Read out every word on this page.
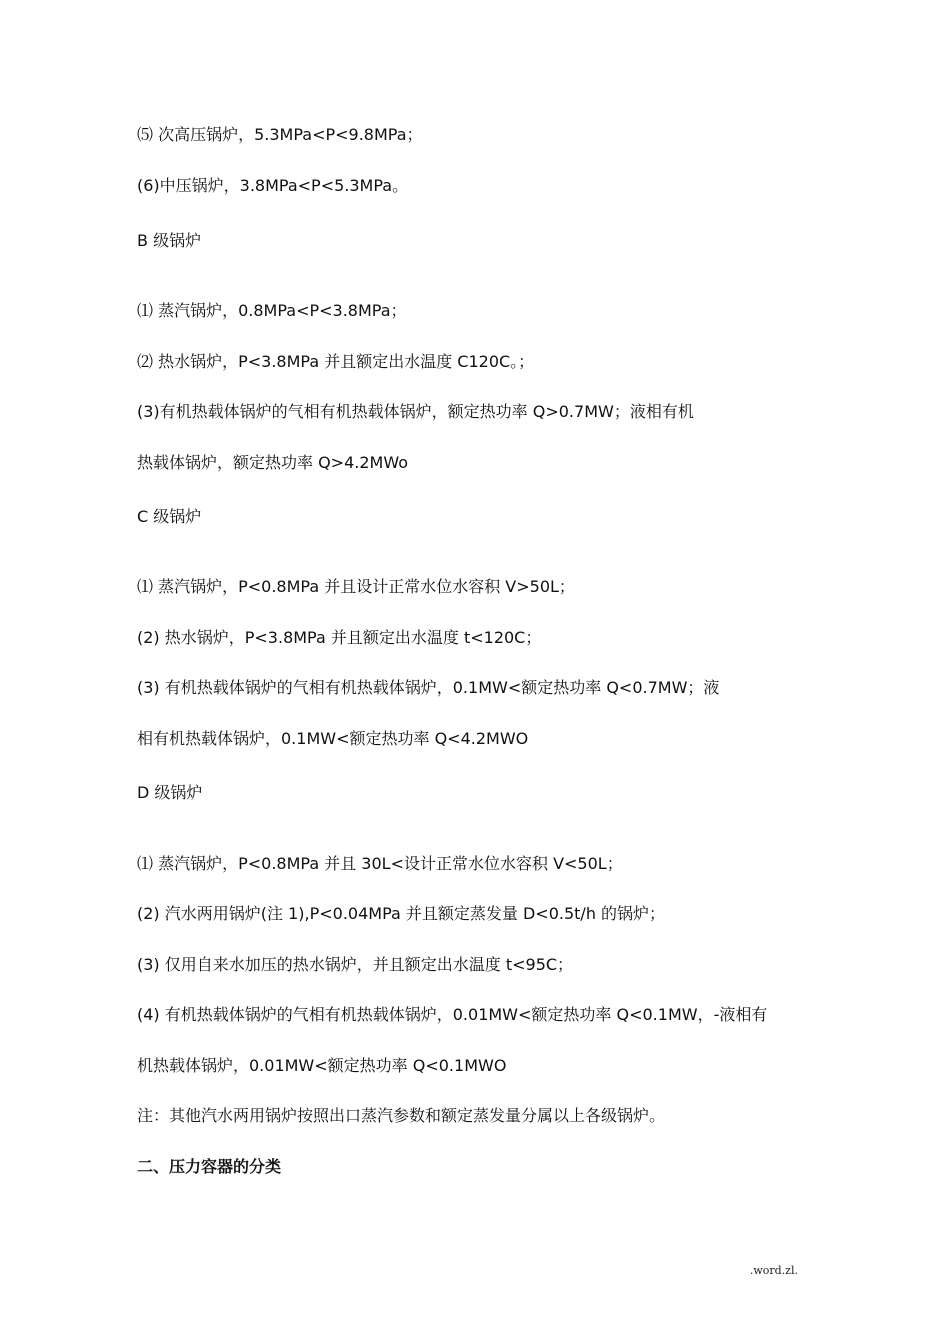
⑸ 次高压锅炉，5.3MPa<P<9.8MPa；
(6)中压锅炉，3.8MPa<P<5.3MPa。
B 级锅炉
⑴ 蒸汽锅炉，0.8MPa<P<3.8MPa；
⑵ 热水锅炉，P<3.8MPa 并且额定出水温度 C120C。；
(3)有机热载体锅炉的气相有机热载体锅炉，额定热功率 Q>0.7MW；液相有机
热载体锅炉，额定热功率 Q>4.2MWo
C 级锅炉
⑴ 蒸汽锅炉，P<0.8MPa 并且设计正常水位水容积 V>50L；
(2) 热水锅炉，P<3.8MPa 并且额定出水温度 t<120C；
(3) 有机热载体锅炉的气相有机热载体锅炉，0.1MW<额定热功率 Q<0.7MW；液
相有机热载体锅炉，0.1MW<额定热功率 Q<4.2MWO
D 级锅炉
⑴ 蒸汽锅炉，P<0.8MPa 并且 30L<设计正常水位水容积 V<50L；
(2) 汽水两用锅炉(注 1),P<0.04MPa 并且额定蒸发量 D<0.5t/h 的锅炉；
(3) 仅用自来水加压的热水锅炉，并且额定出水温度 t<95C；
(4) 有机热载体锅炉的气相有机热载体锅炉，0.01MW<额定热功率 Q<0.1MW，-液相有
机热载体锅炉，0.01MW<额定热功率 Q<0.1MWO
注：其他汽水两用锅炉按照出口蒸汽参数和额定蒸发量分属以上各级锅炉。
二、压力容器的分类
.word.zl.
